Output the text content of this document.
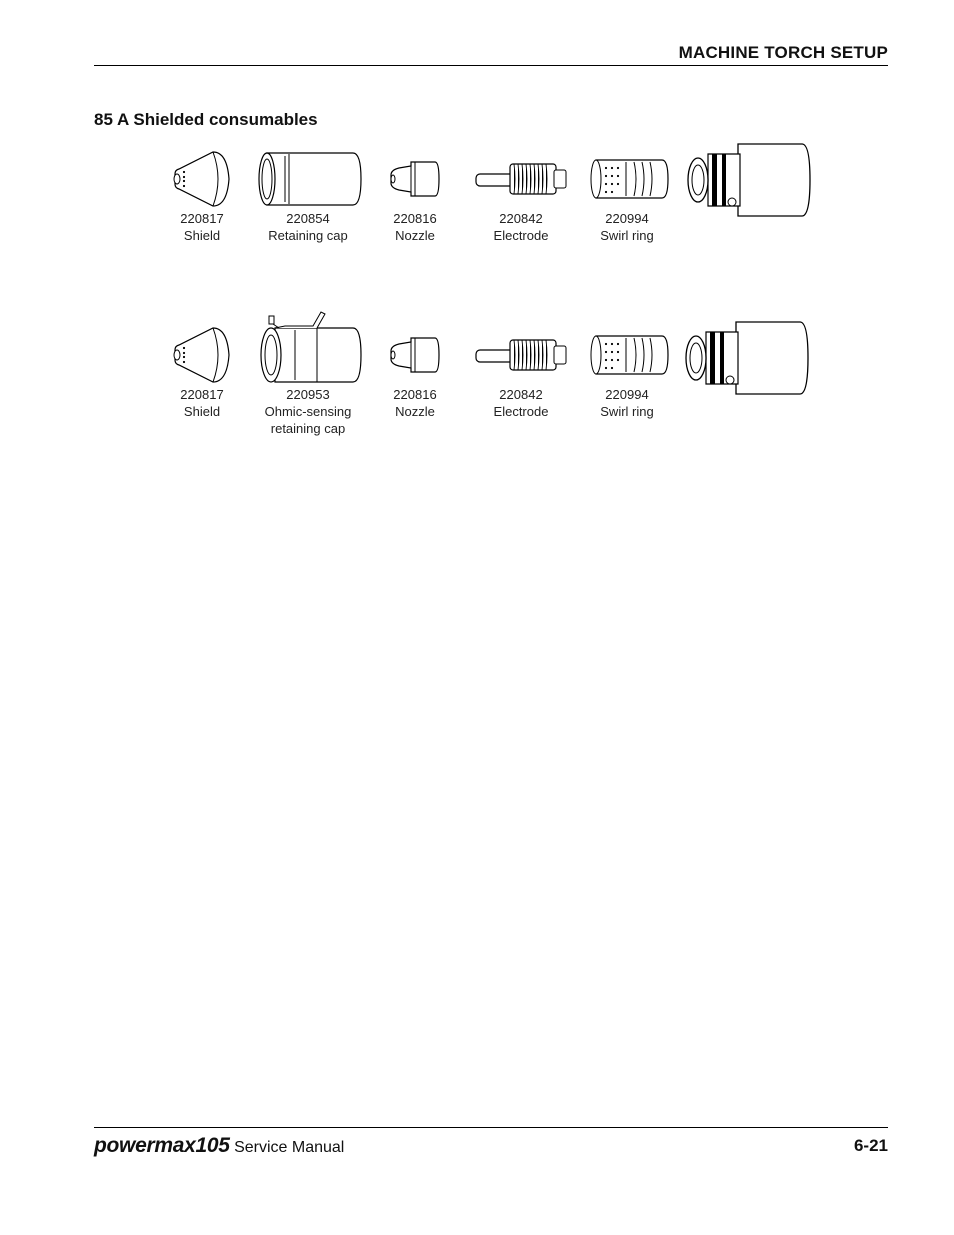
MACHINE TORCH SETUP
85 A Shielded consumables
220817
Shield
220854
Retaining cap
220816
Nozzle
220842
Electrode
220994
Swirl ring
220817
Shield
220953
Ohmic-sensing retaining cap
220816
Nozzle
220842
Electrode
220994
Swirl ring
powermax105 Service Manual	6-21
